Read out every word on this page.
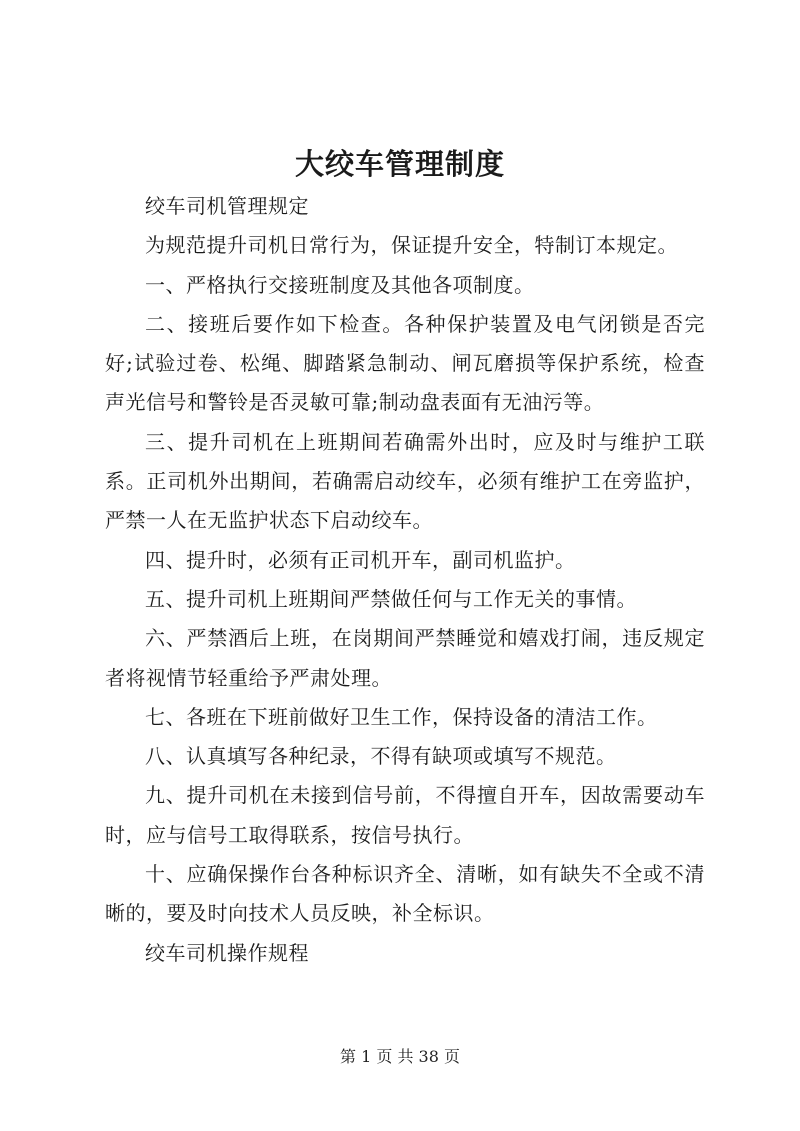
大绞车管理制度

绞车司机管理规定

为规范提升司机日常行为，保证提升安全，特制订本规定。

一、严格执行交接班制度及其他各项制度。

二、接班后要作如下检查。各种保护装置及电气闭锁是否完好;试验过卷、松绳、脚踏紧急制动、闸瓦磨损等保护系统，检查声光信号和警铃是否灵敏可靠;制动盘表面有无油污等。

三、提升司机在上班期间若确需外出时，应及时与维护工联系。正司机外出期间，若确需启动绞车，必须有维护工在旁监护，严禁一人在无监护状态下启动绞车。

四、提升时，必须有正司机开车，副司机监护。

五、提升司机上班期间严禁做任何与工作无关的事情。

六、严禁酒后上班，在岗期间严禁睡觉和嬉戏打闹，违反规定者将视情节轻重给予严肃处理。

七、各班在下班前做好卫生工作，保持设备的清洁工作。

八、认真填写各种纪录，不得有缺项或填写不规范。

九、提升司机在未接到信号前，不得擅自开车，因故需要动车时，应与信号工取得联系，按信号执行。

十、应确保操作台各种标识齐全、清晰，如有缺失不全或不清晰的，要及时向技术人员反映，补全标识。

绞车司机操作规程

第 1 页 共 38 页
